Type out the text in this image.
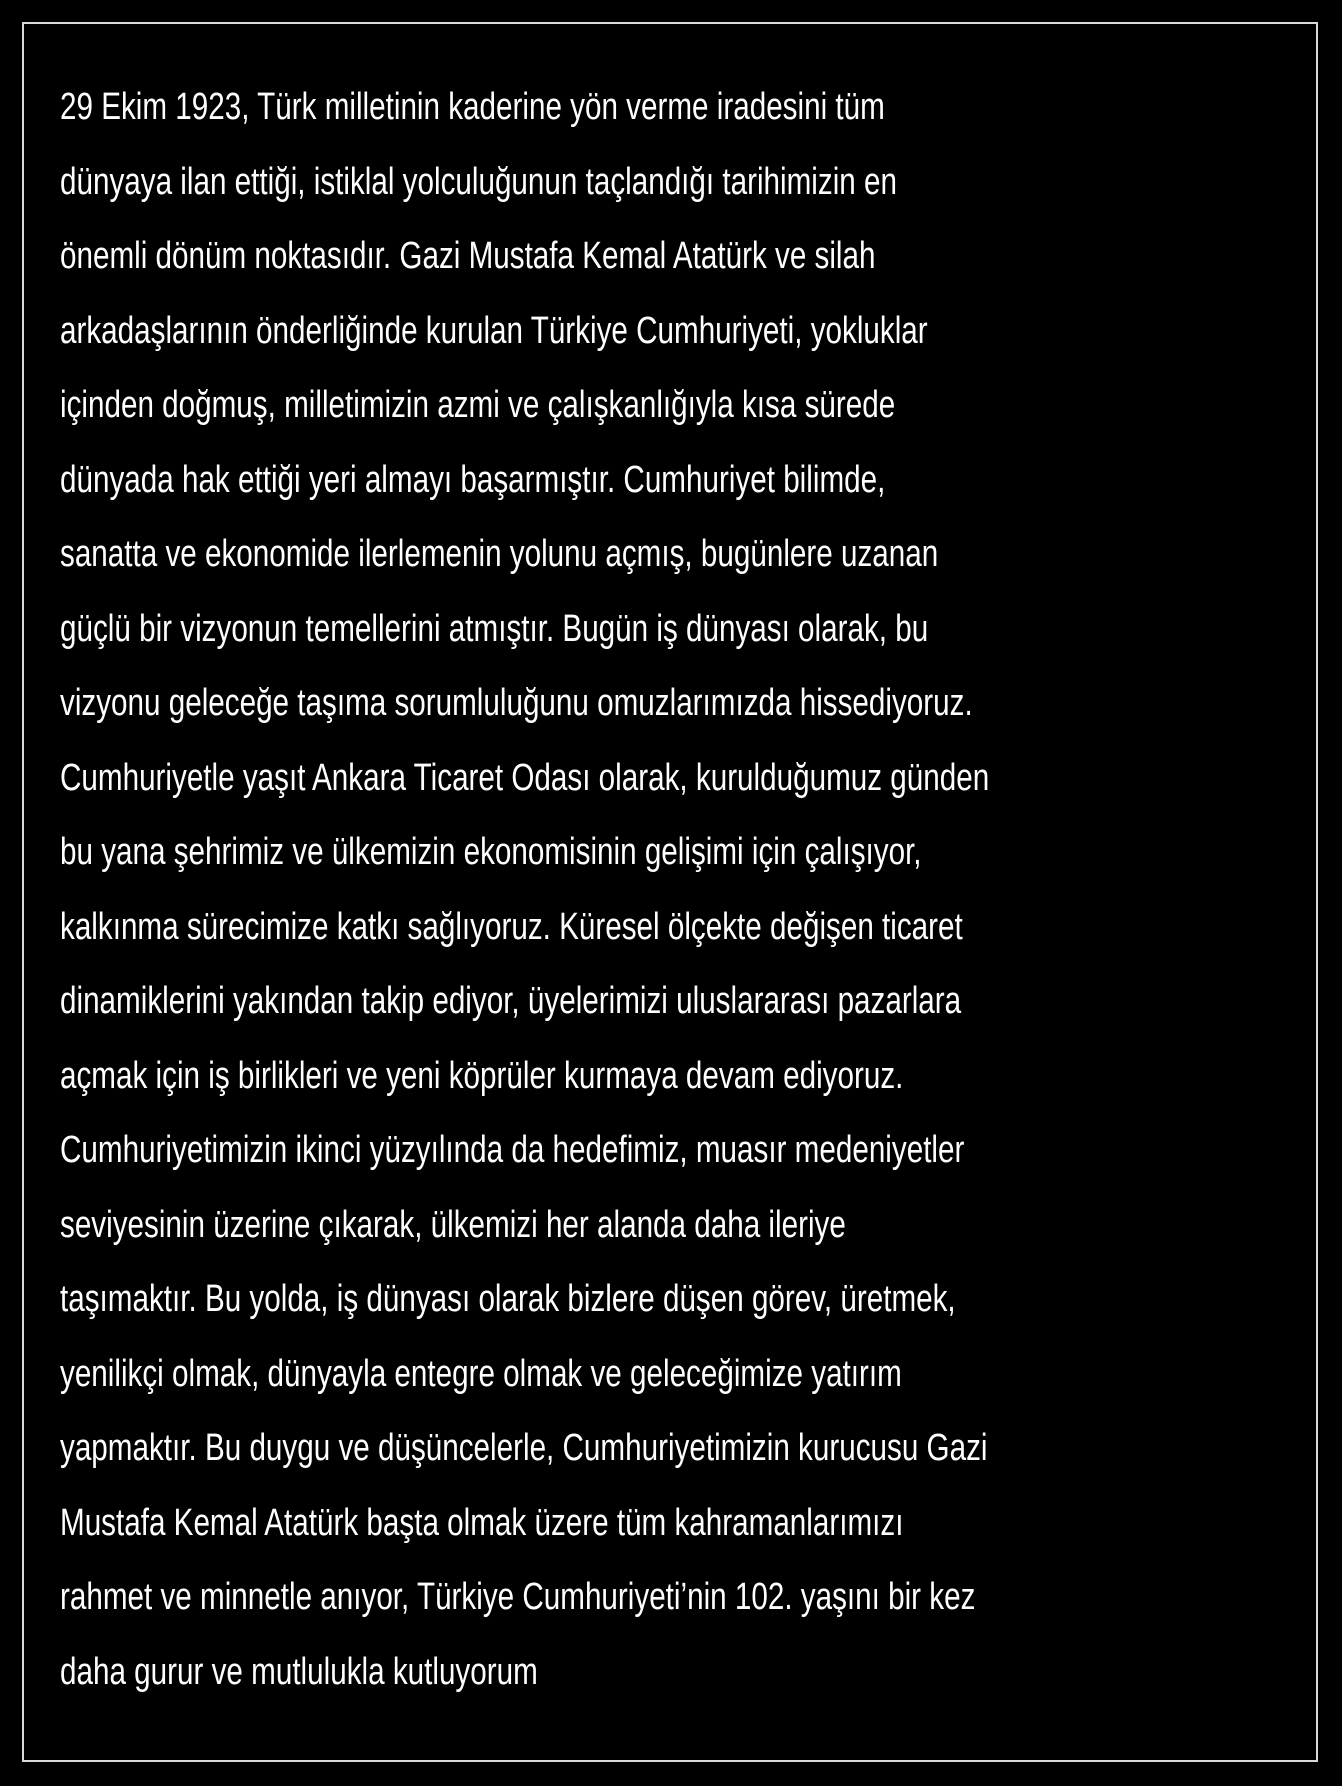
29 Ekim 1923, Türk milletinin kaderine yön verme iradesini tüm
dünyaya ilan ettiği, istiklal yolculuğunun taçlandığı tarihimizin en
önemli dönüm noktasıdır. Gazi Mustafa Kemal Atatürk ve silah
arkadaşlarının önderliğinde kurulan Türkiye Cumhuriyeti, yokluklar
içinden doğmuş, milletimizin azmi ve çalışkanlığıyla kısa sürede
dünyada hak ettiği yeri almayı başarmıştır. Cumhuriyet bilimde,
sanatta ve ekonomide ilerlemenin yolunu açmış, bugünlere uzanan
güçlü bir vizyonun temellerini atmıştır. Bugün iş dünyası olarak, bu
vizyonu geleceğe taşıma sorumluluğunu omuzlarımızda hissediyoruz.
Cumhuriyetle yaşıt Ankara Ticaret Odası olarak, kurulduğumuz günden
bu yana şehrimiz ve ülkemizin ekonomisinin gelişimi için çalışıyor,
kalkınma sürecimize katkı sağlıyoruz. Küresel ölçekte değişen ticaret
dinamiklerini yakından takip ediyor, üyelerimizi uluslararası pazarlara
açmak için iş birlikleri ve yeni köprüler kurmaya devam ediyoruz.
Cumhuriyetimizin ikinci yüzyılında da hedefimiz, muasır medeniyetler
seviyesinin üzerine çıkarak, ülkemizi her alanda daha ileriye
taşımaktır. Bu yolda, iş dünyası olarak bizlere düşen görev, üretmek,
yenilikçi olmak, dünyayla entegre olmak ve geleceğimize yatırım
yapmaktır. Bu duygu ve düşüncelerle, Cumhuriyetimizin kurucusu Gazi
Mustafa Kemal Atatürk başta olmak üzere tüm kahramanlarımızı
rahmet ve minnetle anıyor, Türkiye Cumhuriyeti’nin 102. yaşını bir kez
daha gurur ve mutlulukla kutluyorum
